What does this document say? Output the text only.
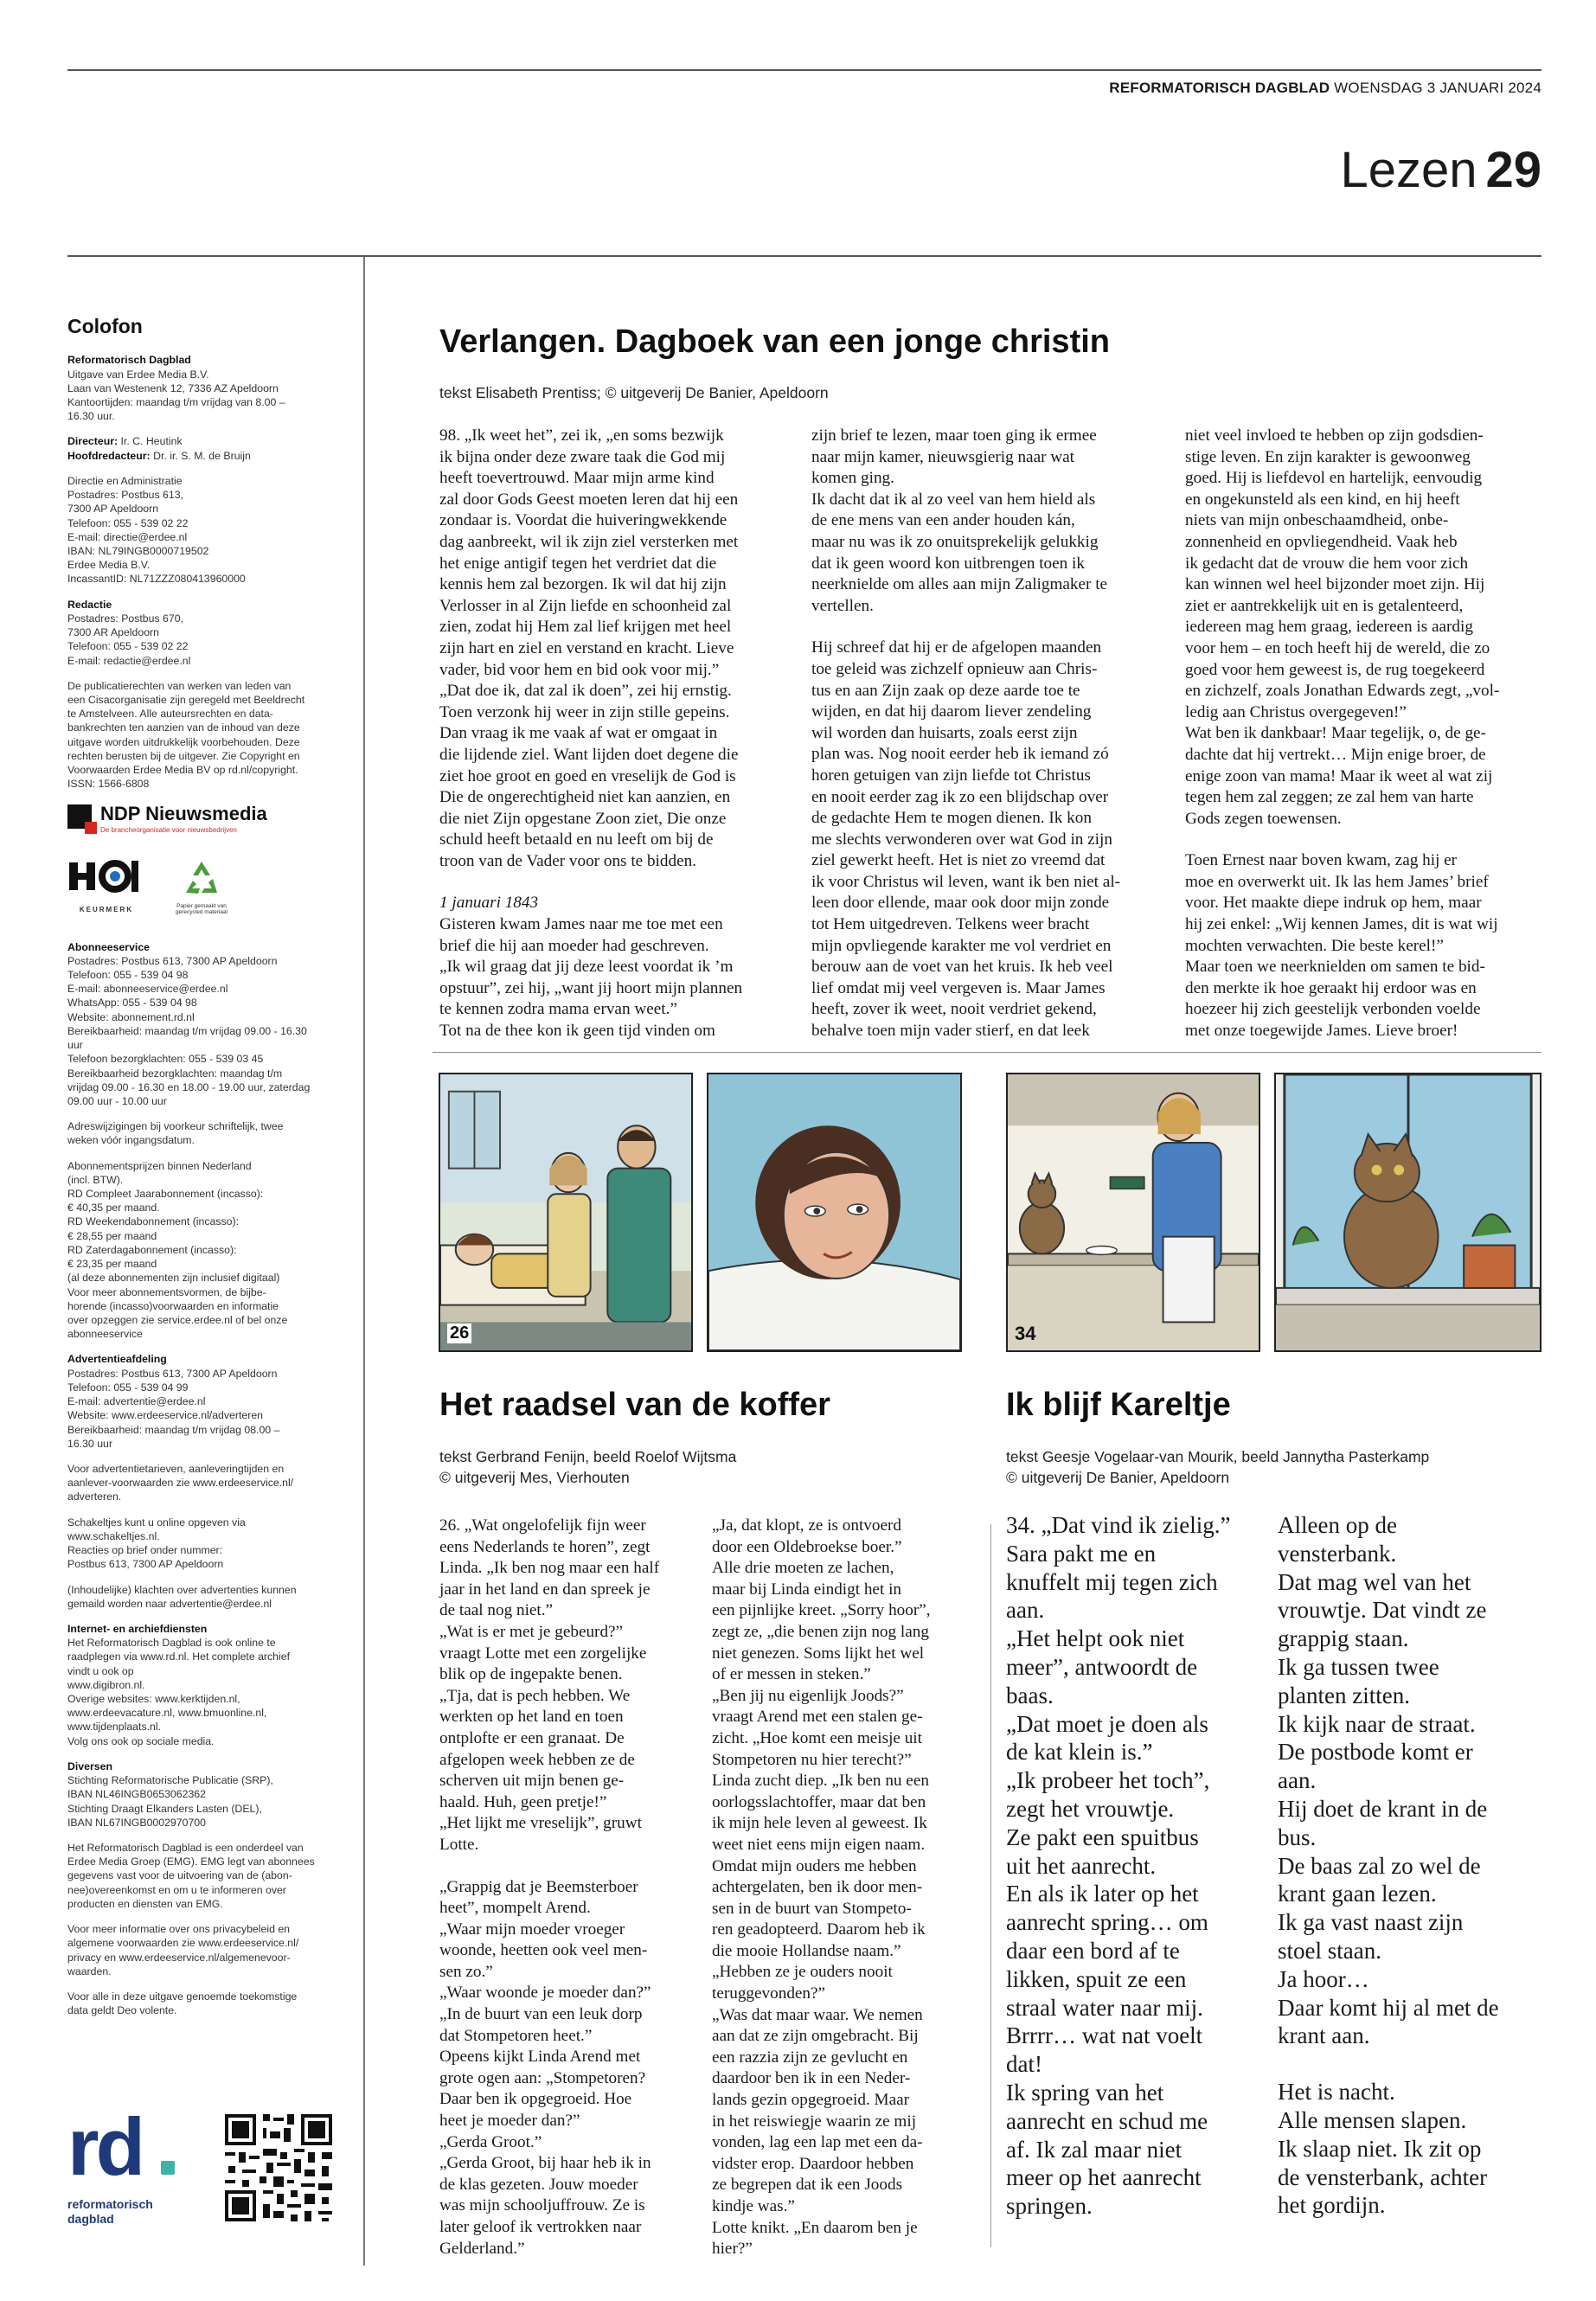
REFORMATORISCH DAGBLAD WOENSDAG 3 JANUARI 2024
Lezen 29
Colofon
Reformatorisch Dagblad
Uitgave van Erdee Media B.V.
Laan van Westenenk 12, 7336 AZ Apeldoorn
Kantoortijden: maandag t/m vrijdag van 8.00 –
16.30 uur.
Directeur: Ir. C. Heutink
Hoofdredacteur: Dr. ir. S. M. de Bruijn
Directie en Administratie
Postadres: Postbus 613,
7300 AP Apeldoorn
Telefoon: 055 - 539 02 22
E-mail: directie@erdee.nl
IBAN: NL79INGB0000719502
Erdee Media B.V.
IncassantID: NL71ZZZ080413960000
Redactie
Postadres: Postbus 670,
7300 AR Apeldoorn
Telefoon: 055 - 539 02 22
E-mail: redactie@erdee.nl
De publicatierechten van werken van leden van
een Cisacorganisatie zijn geregeld met Beeldrecht
te Amstelveen. Alle auteursrechten en data-
bankrechten ten aanzien van de inhoud van deze
uitgave worden uitdrukkelijk voorbehouden. Deze
rechten berusten bij de uitgever. Zie Copyright en
Voorwaarden Erdee Media BV op rd.nl/copyright.
ISSN: 1566-6808
NDP Nieuwsmedia
De brancheorganisatie voor nieuwsbedrijven
KEURMERK	Papier gemaakt van gerecycled materiaal
Abonneeservice
Postadres: Postbus 613, 7300 AP Apeldoorn
Telefoon: 055 - 539 04 98
E-mail: abonneeservice@erdee.nl
WhatsApp: 055 - 539 04 98
Website: abonnement.rd.nl
Bereikbaarheid: maandag t/m vrijdag 09.00 - 16.30
uur
Telefoon bezorgklachten: 055 - 539 03 45
Bereikbaarheid bezorgklachten: maandag t/m
vrijdag 09.00 - 16.30 en 18.00 - 19.00 uur, zaterdag
09.00 uur - 10.00 uur
Adreswijzigingen bij voorkeur schriftelijk, twee
weken vóór ingangsdatum.
Abonnementsprijzen binnen Nederland
(incl. BTW).
RD Compleet Jaarabonnement (incasso):
€ 40,35 per maand.
RD Weekendabonnement (incasso):
€ 28,55 per maand
RD Zaterdagabonnement (incasso):
€ 23,35 per maand
(al deze abonnementen zijn inclusief digitaal)
Voor meer abonnementsvormen, de bijbe-
horende (incasso)voorwaarden en informatie
over opzeggen zie service.erdee.nl of bel onze
abonneeservice
Advertentieafdeling
Postadres: Postbus 613, 7300 AP Apeldoorn
Telefoon: 055 - 539 04 99
E-mail: advertentie@erdee.nl
Website: www.erdeeservice.nl/adverteren
Bereikbaarheid: maandag t/m vrijdag 08.00 –
16.30 uur
Voor advertentietarieven, aanleveringtijden en
aanlever-voorwaarden zie www.erdeeservice.nl/
adverteren.
Schakeltjes kunt u online opgeven via
www.schakeltjes.nl.
Reacties op brief onder nummer:
Postbus 613, 7300 AP Apeldoorn
(Inhoudelijke) klachten over advertenties kunnen
gemaild worden naar advertentie@erdee.nl
Internet- en archiefdiensten
Het Reformatorisch Dagblad is ook online te
raadplegen via www.rd.nl. Het complete archief
vindt u ook op
www.digibron.nl.
Overige websites: www.kerktijden.nl,
www.erdeevacature.nl, www.bmuonline.nl,
www.tijdenplaats.nl.
Volg ons ook op sociale media.
Diversen
Stichting Reformatorische Publicatie (SRP),
IBAN NL46INGB0653062362
Stichting Draagt Elkanders Lasten (DEL),
IBAN NL67INGB0002970700
Het Reformatorisch Dagblad is een onderdeel van
Erdee Media Groep (EMG). EMG legt van abonnees
gegevens vast voor de uitvoering van de (abon-
nee)overeenkomst en om u te informeren over
producten en diensten van EMG.
Voor meer informatie over ons privacybeleid en
algemene voorwaarden zie www.erdeeservice.nl/
privacy en www.erdeeservice.nl/algemenevoor-
waarden.
Voor alle in deze uitgave genoemde toekomstige
data geldt Deo volente.
rd
reformatorisch
dagblad
Verlangen. Dagboek van een jonge christin
tekst Elisabeth Prentiss; © uitgeverij De Banier, Apeldoorn

98. „Ik weet het”, zei ik, „en soms bezwijk
ik bijna onder deze zware taak die God mij
heeft toevertrouwd. Maar mijn arme kind
zal door Gods Geest moeten leren dat hij een
zondaar is. Voordat die huiveringwekkende
dag aanbreekt, wil ik zijn ziel versterken met
het enige antigif tegen het verdriet dat die
kennis hem zal bezorgen. Ik wil dat hij zijn
Verlosser in al Zijn liefde en schoonheid zal
zien, zodat hij Hem zal lief krijgen met heel
zijn hart en ziel en verstand en kracht. Lieve
vader, bid voor hem en bid ook voor mij.”
„Dat doe ik, dat zal ik doen”, zei hij ernstig.
Toen verzonk hij weer in zijn stille gepeins.
Dan vraag ik me vaak af wat er omgaat in
die lijdende ziel. Want lijden doet degene die
ziet hoe groot en goed en vreselijk de God is
Die de ongerechtigheid niet kan aanzien, en
die niet Zijn opgestane Zoon ziet, Die onze
schuld heeft betaald en nu leeft om bij de
troon van de Vader voor ons te bidden.

1 januari 1843

Gisteren kwam James naar me toe met een
brief die hij aan moeder had geschreven.
„Ik wil graag dat jij deze leest voordat ik ’m
opstuur”, zei hij, „want jij hoort mijn plannen
te kennen zodra mama ervan weet.”
Tot na de thee kon ik geen tijd vinden om

zijn brief te lezen, maar toen ging ik ermee
naar mijn kamer, nieuwsgierig naar wat
komen ging.
Ik dacht dat ik al zo veel van hem hield als
de ene mens van een ander houden kán,
maar nu was ik zo onuitsprekelijk gelukkig
dat ik geen woord kon uitbrengen toen ik
neerknielde om alles aan mijn Zaligmaker te
vertellen.

Hij schreef dat hij er de afgelopen maanden
toe geleid was zichzelf opnieuw aan Chris-
tus en aan Zijn zaak op deze aarde toe te
wijden, en dat hij daarom liever zendeling
wil worden dan huisarts, zoals eerst zijn
plan was. Nog nooit eerder heb ik iemand zó
horen getuigen van zijn liefde tot Christus
en nooit eerder zag ik zo een blijdschap over
de gedachte Hem te mogen dienen. Ik kon
me slechts verwonderen over wat God in zijn
ziel gewerkt heeft. Het is niet zo vreemd dat
ik voor Christus wil leven, want ik ben niet al-
leen door ellende, maar ook door mijn zonde
tot Hem uitgedreven. Telkens weer bracht
mijn opvliegende karakter me vol verdriet en
berouw aan de voet van het kruis. Ik heb veel
lief omdat mij veel vergeven is. Maar James
heeft, zover ik weet, nooit verdriet gekend,
behalve toen mijn vader stierf, en dat leek

niet veel invloed te hebben op zijn godsdien-
stige leven. En zijn karakter is gewoonweg
goed. Hij is liefdevol en hartelijk, eenvoudig
en ongekunsteld als een kind, en hij heeft
niets van mijn onbeschaamdheid, onbe-
zonnenheid en opvliegendheid. Vaak heb
ik gedacht dat de vrouw die hem voor zich
kan winnen wel heel bijzonder moet zijn. Hij
ziet er aantrekkelijk uit en is getalenteerd,
iedereen mag hem graag, iedereen is aardig
voor hem – en toch heeft hij de wereld, die zo
goed voor hem geweest is, de rug toegekeerd
en zichzelf, zoals Jonathan Edwards zegt, „vol-
ledig aan Christus overgegeven!”
Wat ben ik dankbaar! Maar tegelijk, o, de ge-
dachte dat hij vertrekt… Mijn enige broer, de
enige zoon van mama! Maar ik weet al wat zij
tegen hem zal zeggen; ze zal hem van harte
Gods zegen toewensen.

Toen Ernest naar boven kwam, zag hij er
moe en overwerkt uit. Ik las hem James’ brief
voor. Het maakte diepe indruk op hem, maar
hij zei enkel: „Wij kennen James, dit is wat wij
mochten verwachten. Die beste kerel!”
Maar toen we neerknielden om samen te bid-
den merkte ik hoe geraakt hij erdoor was en
hoezeer hij zich geestelijk verbonden voelde
met onze toegewijde James. Lieve broer!

26	34
Het raadsel van de koffer
tekst Gerbrand Fenijn, beeld Roelof Wijtsma
© uitgeverij Mes, Vierhouten

26. „Wat ongelofelijk fijn weer
eens Nederlands te horen”, zegt
Linda. „Ik ben nog maar een half
jaar in het land en dan spreek je
de taal nog niet.”
„Wat is er met je gebeurd?”
vraagt Lotte met een zorgelijke
blik op de ingepakte benen.
„Tja, dat is pech hebben. We
werkten op het land en toen
ontplofte er een granaat. De
afgelopen week hebben ze de
scherven uit mijn benen ge-
haald. Huh, geen pretje!”
„Het lijkt me vreselijk”, gruwt
Lotte.

„Grappig dat je Beemsterboer
heet”, mompelt Arend.
„Waar mijn moeder vroeger
woonde, heetten ook veel men-
sen zo.”
„Waar woonde je moeder dan?”
„In de buurt van een leuk dorp
dat Stompetoren heet.”
Opeens kijkt Linda Arend met
grote ogen aan: „Stompetoren?
Daar ben ik opgegroeid. Hoe
heet je moeder dan?”
„Gerda Groot.”
„Gerda Groot, bij haar heb ik in
de klas gezeten. Jouw moeder
was mijn schooljuffrouw. Ze is
later geloof ik vertrokken naar
Gelderland.”

„Ja, dat klopt, ze is ontvoerd
door een Oldebroekse boer.”
Alle drie moeten ze lachen,
maar bij Linda eindigt het in
een pijnlijke kreet. „Sorry hoor”,
zegt ze, „die benen zijn nog lang
niet genezen. Soms lijkt het wel
of er messen in steken.”
„Ben jij nu eigenlijk Joods?”
vraagt Arend met een stalen ge-
zicht. „Hoe komt een meisje uit
Stompetoren nu hier terecht?”
Linda zucht diep. „Ik ben nu een
oorlogsslachtoffer, maar dat ben
ik mijn hele leven al geweest. Ik
weet niet eens mijn eigen naam.
Omdat mijn ouders me hebben
achtergelaten, ben ik door men-
sen in de buurt van Stompeto-
ren geadopteerd. Daarom heb ik
die mooie Hollandse naam.”
„Hebben ze je ouders nooit
teruggevonden?”
„Was dat maar waar. We nemen
aan dat ze zijn omgebracht. Bij
een razzia zijn ze gevlucht en
daardoor ben ik in een Neder-
lands gezin opgegroeid. Maar
in het reiswiegje waarin ze mij
vonden, lag een lap met een da-
vidster erop. Daardoor hebben
ze begrepen dat ik een Joods
kindje was.”
Lotte knikt. „En daarom ben je
hier?”

Ik blijf Kareltje
tekst Geesje Vogelaar-van Mourik, beeld Jannytha Pasterkamp
© uitgeverij De Banier, Apeldoorn

34. „Dat vind ik zielig.”
Sara pakt me en
knuffelt mij tegen zich
aan.
„Het helpt ook niet
meer”, antwoordt de
baas.
„Dat moet je doen als
de kat klein is.”
„Ik probeer het toch”,
zegt het vrouwtje.
Ze pakt een spuitbus
uit het aanrecht.
En als ik later op het
aanrecht spring… om
daar een bord af te
likken, spuit ze een
straal water naar mij.
Brrrr… wat nat voelt
dat!
Ik spring van het
aanrecht en schud me
af. Ik zal maar niet
meer op het aanrecht
springen.

Alleen op de
vensterbank.
Dat mag wel van het
vrouwtje. Dat vindt ze
grappig staan.
Ik ga tussen twee
planten zitten.
Ik kijk naar de straat.
De postbode komt er
aan.
Hij doet de krant in de
bus.
De baas zal zo wel de
krant gaan lezen.
Ik ga vast naast zijn
stoel staan.
Ja hoor…
Daar komt hij al met de
krant aan.

Het is nacht.
Alle mensen slapen.
Ik slaap niet. Ik zit op
de vensterbank, achter
het gordijn.
